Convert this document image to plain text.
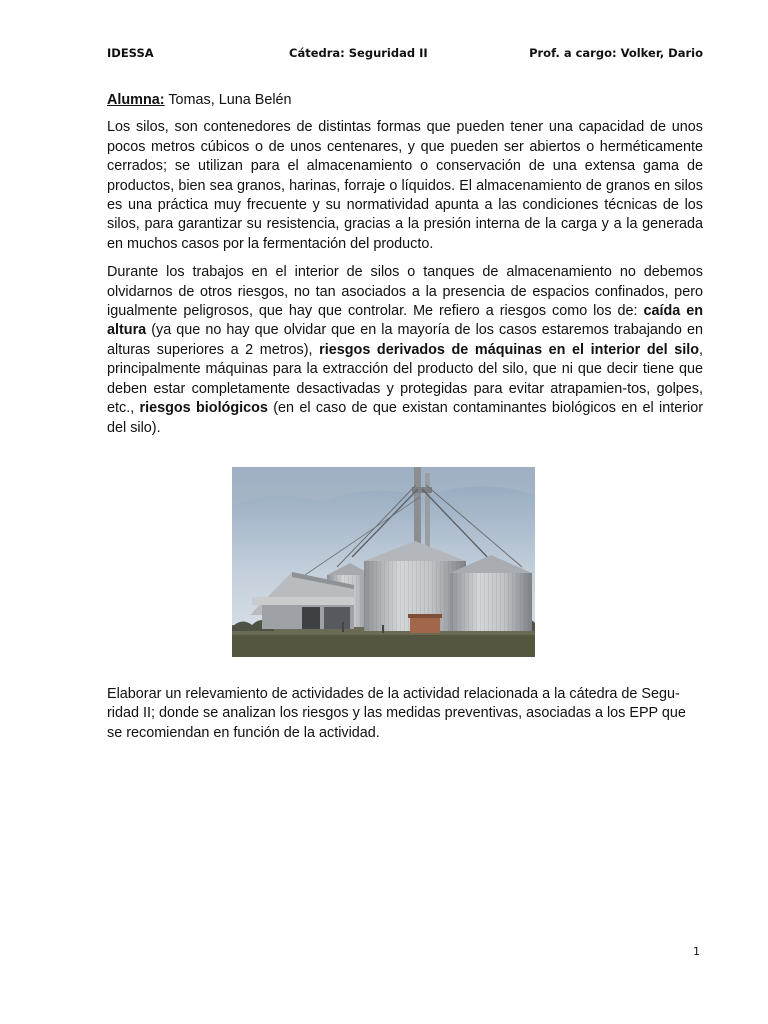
IDESSA	Cátedra: Seguridad II	Prof. a cargo: Volker, Dario

Alumna: Tomas, Luna Belén

Los silos, son contenedores de distintas formas que pueden tener una capacidad de unos pocos metros cúbicos o de unos centenares, y que pueden ser abiertos o herméticamente cerrados; se utilizan para el almacenamiento o conservación de una extensa gama de productos, bien sea granos, harinas, forraje o líquidos. El almacenamiento de granos en silos es una práctica muy frecuente y su normatividad apunta a las condiciones técnicas de los silos, para garantizar su resistencia, gracias a la presión interna de la carga y a la generada en muchos casos por la fermentación del producto.

Durante los trabajos en el interior de silos o tanques de almacenamiento no debemos olvidarnos de otros riesgos, no tan asociados a la presencia de espacios confinados, pero igualmente peligrosos, que hay que controlar. Me refiero a riesgos como los de: caída en altura (ya que no hay que olvidar que en la mayoría de los casos estaremos trabajando en alturas superiores a 2 metros), riesgos derivados de máquinas en el interior del silo, principalmente máquinas para la extracción del producto del silo, que ni que decir tiene que deben estar completamente desactivadas y protegidas para evitar atrapamien-tos, golpes, etc., riesgos biológicos (en el caso de que existan contaminantes biológicos en el interior del silo).

Elaborar un relevamiento de actividades de la actividad relacionada a la cátedra de Segu-ridad II; donde se analizan los riesgos y las medidas preventivas, asociadas a los EPP que se recomiendan en función de la actividad.

1
